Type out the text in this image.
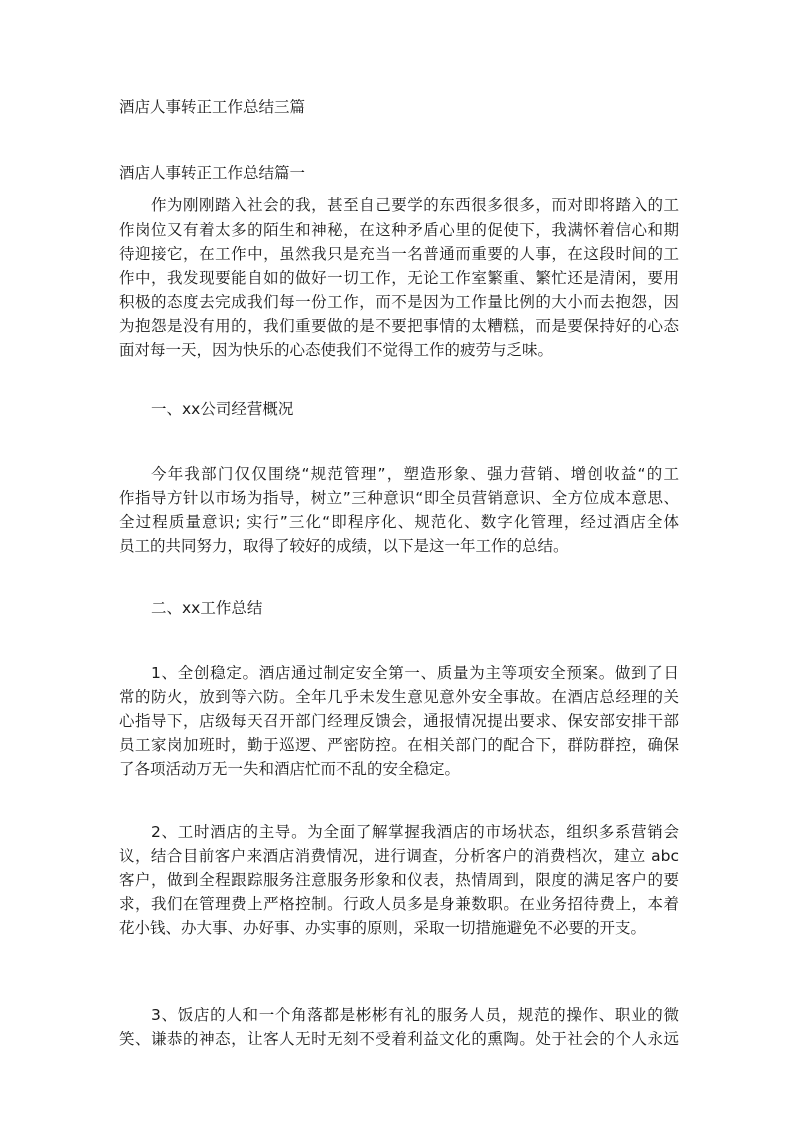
酒店人事转正工作总结三篇
酒店人事转正工作总结篇一
作为刚刚踏入社会的我，甚至自己要学的东西很多很多，而对即将踏入的工
作岗位又有着太多的陌生和神秘，在这种矛盾心里的促使下，我满怀着信心和期
待迎接它，在工作中，虽然我只是充当一名普通而重要的人事，在这段时间的工
作中，我发现要能自如的做好一切工作，无论工作室繁重、繁忙还是清闲，要用
积极的态度去完成我们每一份工作，而不是因为工作量比例的大小而去抱怨，因
为抱怨是没有用的，我们重要做的是不要把事情的太糟糕，而是要保持好的心态
面对每一天，因为快乐的心态使我们不觉得工作的疲劳与乏味。
一、xx公司经营概况
今年我部门仅仅围绕“规范管理”，塑造形象、强力营销、增创收益“的工
作指导方针以市场为指导，树立”三种意识“即全员营销意识、全方位成本意思、
全过程质量意识; 实行”三化“即程序化、规范化、数字化管理，经过酒店全体
员工的共同努力，取得了较好的成绩，以下是这一年工作的总结。
二、xx工作总结
1、全创稳定。酒店通过制定安全第一、质量为主等项安全预案。做到了日
常的防火，放到等六防。全年几乎未发生意见意外安全事故。在酒店总经理的关
心指导下，店级每天召开部门经理反馈会，通报情况提出要求、保安部安排干部
员工家岗加班时，勤于巡逻、严密防控。在相关部门的配合下，群防群控，确保
了各项活动万无一失和酒店忙而不乱的安全稳定。
2、工时酒店的主导。为全面了解掌握我酒店的市场状态，组织多系营销会
议，结合目前客户来酒店消费情况，进行调查，分析客户的消费档次，建立 abc
客户，做到全程跟踪服务注意服务形象和仪表，热情周到，限度的满足客户的要
求，我们在管理费上严格控制。行政人员多是身兼数职。在业务招待费上，本着
花小钱、办大事、办好事、办实事的原则，采取一切措施避免不必要的开支。
3、饭店的人和一个角落都是彬彬有礼的服务人员，规范的操作、职业的微
笑、谦恭的神态，让客人无时无刻不受着利益文化的熏陶。处于社会的个人永远
